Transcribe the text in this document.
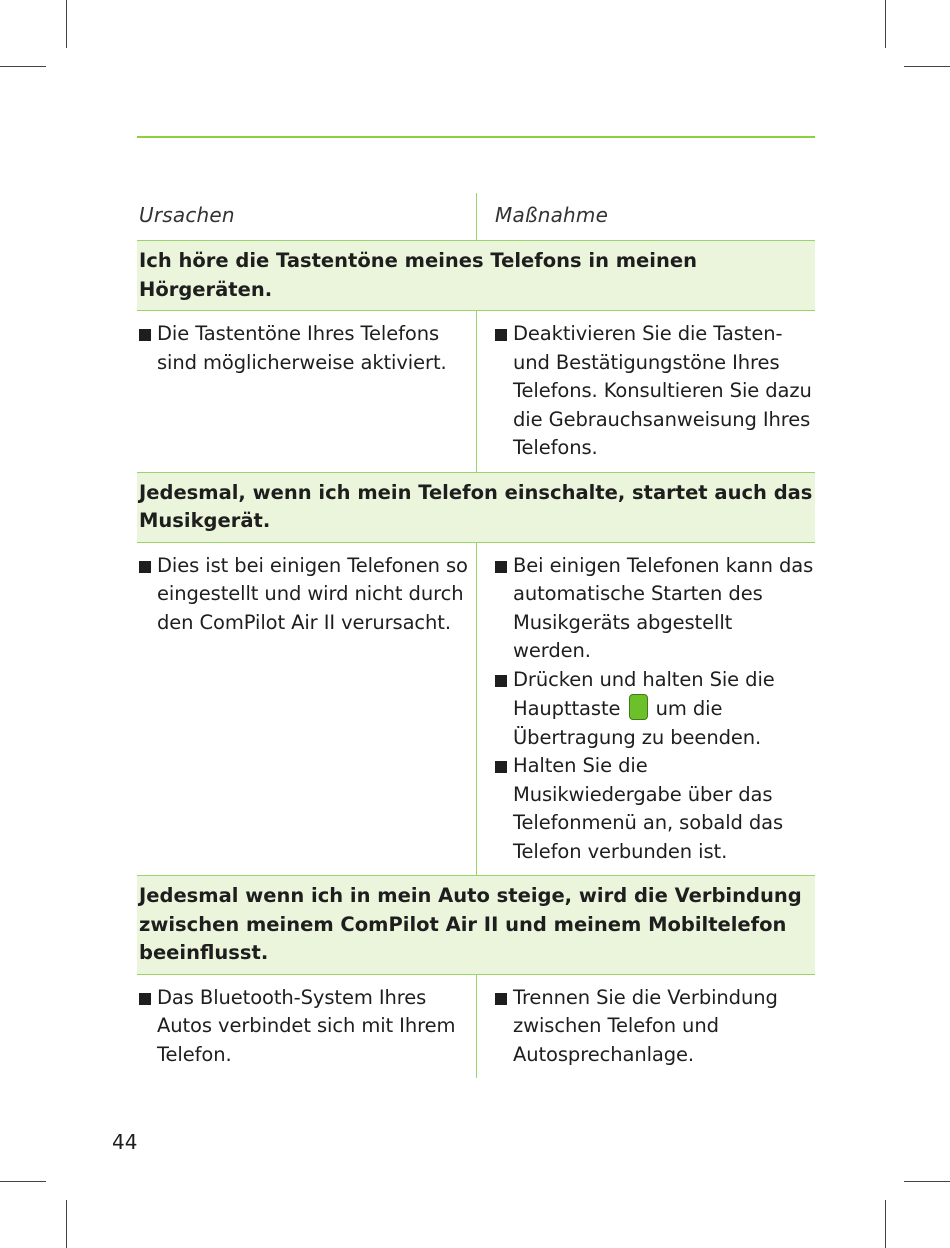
Ursachen	Maßnahme
Ich höre die Tastentöne meines Telefons in meinen Hörgeräten.
Die Tastentöne Ihres Telefons sind möglicherweise aktiviert.
Deaktivieren Sie die Tasten- und Bestätigungstöne Ihres Telefons. Konsultieren Sie dazu die Gebrauchsanweisung Ihres Telefons.
Jedesmal, wenn ich mein Telefon einschalte, startet auch das Musikgerät.
Dies ist bei einigen Telefonen so eingestellt und wird nicht durch den ComPilot Air II verursacht.
Bei einigen Telefonen kann das automatische Starten des Musikgeräts abgestellt werden.
Drücken und halten Sie die Haupttaste um die Übertragung zu beenden.
Halten Sie die Musikwiedergabe über das Telefonmenü an, sobald das Telefon verbunden ist.
Jedesmal wenn ich in mein Auto steige, wird die Verbindung zwischen meinem ComPilot Air II und meinem Mobiltelefon beeinflusst.
Das Bluetooth-System Ihres Autos verbindet sich mit Ihrem Telefon.
Trennen Sie die Verbindung zwischen Telefon und Autosprechanlage.
44
